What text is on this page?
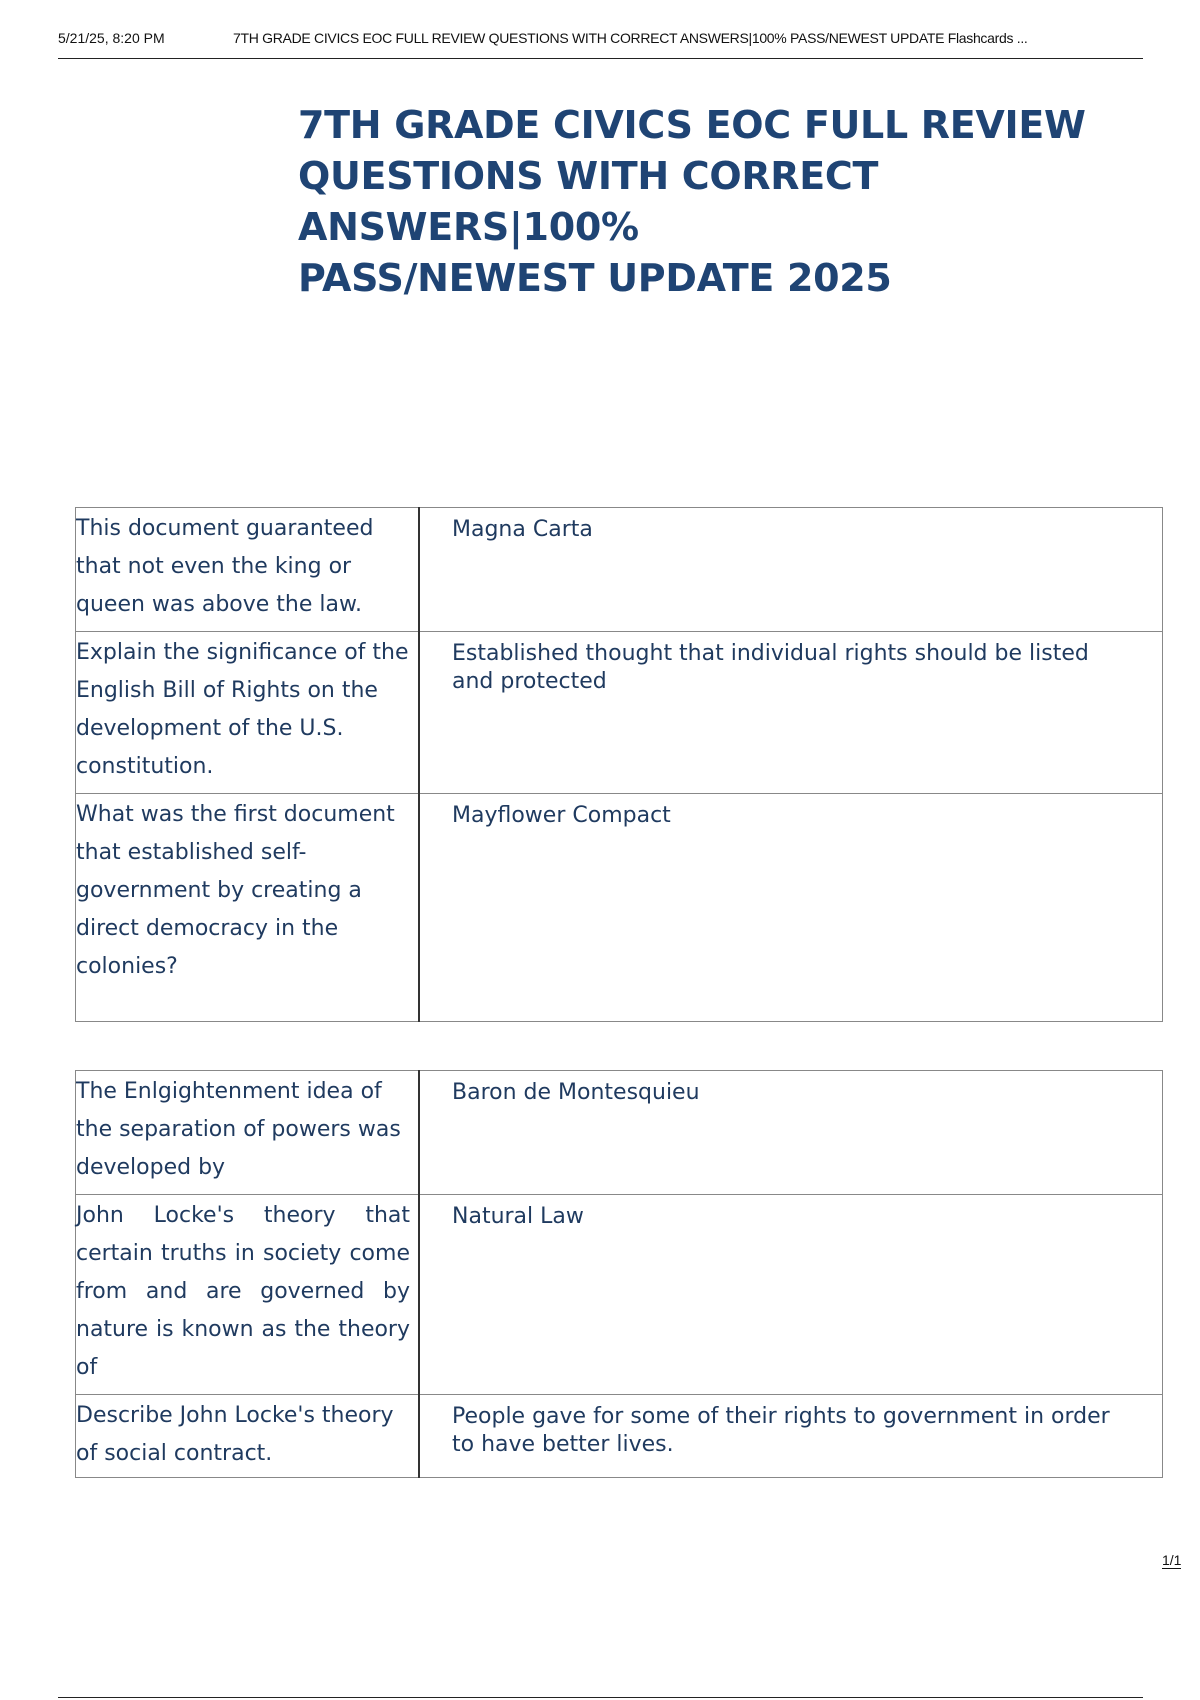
5/21/25, 8:20 PM	7TH GRADE CIVICS EOC FULL REVIEW QUESTIONS WITH CORRECT ANSWERS|100% PASS/NEWEST UPDATE Flashcards ...
7TH GRADE CIVICS EOC FULL REVIEW
QUESTIONS WITH CORRECT ANSWERS|100%
PASS/NEWEST UPDATE 2025
This document guaranteed that not even the king or queen was above the law.	Magna Carta

Explain the significance of the English Bill of Rights on the development of the U.S. constitution.	Established thought that individual rights should be listed and protected

What was the first document that established self-government by creating a direct democracy in the colonies?	Mayflower Compact
The Enlgightenment idea of the separation of powers was developed by	Baron de Montesquieu

John Locke's theory that certain truths in society come from and are governed by nature is known as the theory of	Natural Law

Describe John Locke's theory of social contract.	People gave for some of their rights to government in order to have better lives.
1/1
